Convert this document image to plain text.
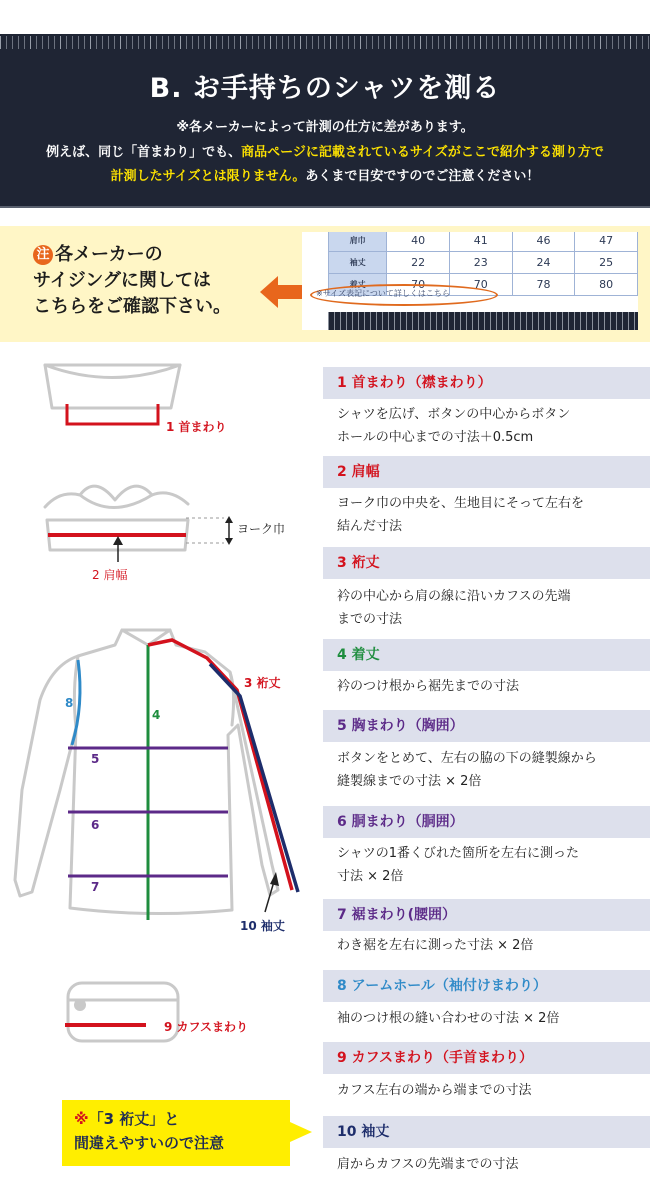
B. お手持ちのシャツを測る
※各メーカーによって計測の仕方に差があります。
例えば、同じ「首まわり」でも、商品ページに記載されているサイズがここで紹介する測り方で
計測したサイズとは限りません。あくまで目安ですのでご注意ください！
注 各メーカーの
サイジングに関しては
こちらをご確認下さい。
肩巾	40	41	46	47
袖丈	22	23	24	25
着丈	70	70	78	80
※サイズ表記について詳しくはこちら
1 首まわり
ヨーク巾
2 肩幅
3 裄丈
8
4
5
6
7
10 袖丈
9 カフスまわり
1 首まわり（襟まわり）
シャツを広げ、ボタンの中心からボタン
ホールの中心までの寸法＋0.5cm
2 肩幅
ヨーク巾の中央を、生地目にそって左右を
結んだ寸法
3 裄丈
衿の中心から肩の線に沿いカフスの先端
までの寸法
4 着丈
衿のつけ根から裾先までの寸法
5 胸まわり（胸囲）
ボタンをとめて、左右の脇の下の縫製線から
縫製線までの寸法 × 2倍
6 胴まわり（胴囲）
シャツの1番くびれた箇所を左右に測った
寸法 × 2倍
7 裾まわり(腰囲）
わき裾を左右に測った寸法 × 2倍
8 アームホール（袖付けまわり）
袖のつけ根の縫い合わせの寸法 × 2倍
9 カフスまわり（手首まわり）
カフス左右の端から端までの寸法
10 袖丈
肩からカフスの先端までの寸法
※「3 裄丈」と
間違えやすいので注意
